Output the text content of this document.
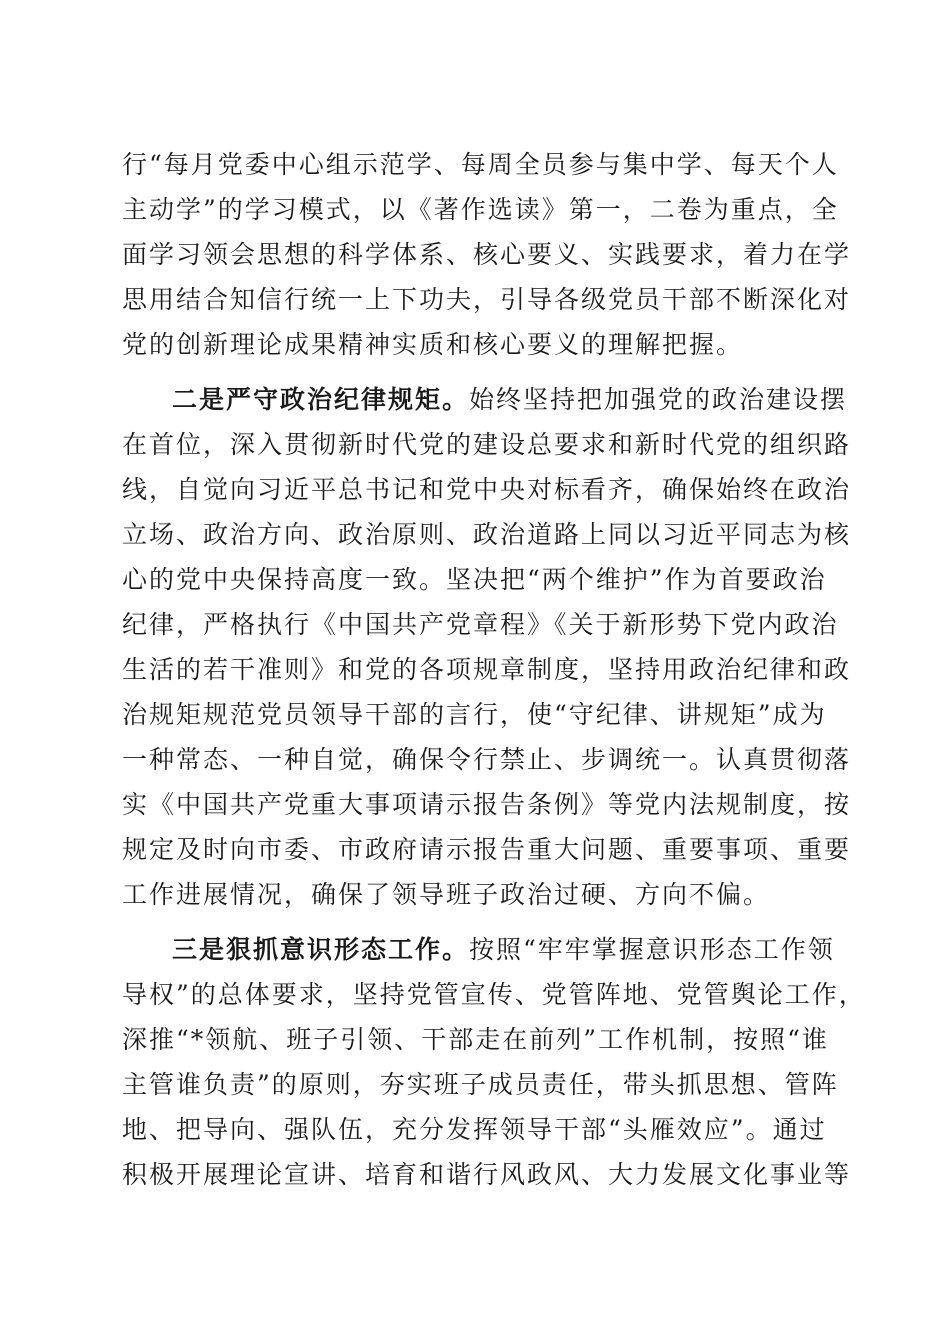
行“每月党委中心组示范学、每周全员参与集中学、每天个人
主动学”的学习模式，以《著作选读》第一，二卷为重点，全
面学习领会思想的科学体系、核心要义、实践要求，着力在学
思用结合知信行统一上下功夫，引导各级党员干部不断深化对
党的创新理论成果精神实质和核心要义的理解把握。
二是严守政治纪律规矩。始终坚持把加强党的政治建设摆
在首位，深入贯彻新时代党的建设总要求和新时代党的组织路
线，自觉向习近平总书记和党中央对标看齐，确保始终在政治
立场、政治方向、政治原则、政治道路上同以习近平同志为核
心的党中央保持高度一致。坚决把“两个维护”作为首要政治
纪律，严格执行《中国共产党章程》《关于新形势下党内政治
生活的若干准则》和党的各项规章制度，坚持用政治纪律和政
治规矩规范党员领导干部的言行，使“守纪律、讲规矩”成为
一种常态、一种自觉，确保令行禁止、步调统一。认真贯彻落
实《中国共产党重大事项请示报告条例》等党内法规制度，按
规定及时向市委、市政府请示报告重大问题、重要事项、重要
工作进展情况，确保了领导班子政治过硬、方向不偏。
三是狠抓意识形态工作。按照“牢牢掌握意识形态工作领
导权”的总体要求，坚持党管宣传、党管阵地、党管舆论工作，
深推“*领航、班子引领、干部走在前列”工作机制，按照“谁
主管谁负责”的原则，夯实班子成员责任，带头抓思想、管阵
地、把导向、强队伍，充分发挥领导干部“头雁效应”。通过
积极开展理论宣讲、培育和谐行风政风、大力发展文化事业等
